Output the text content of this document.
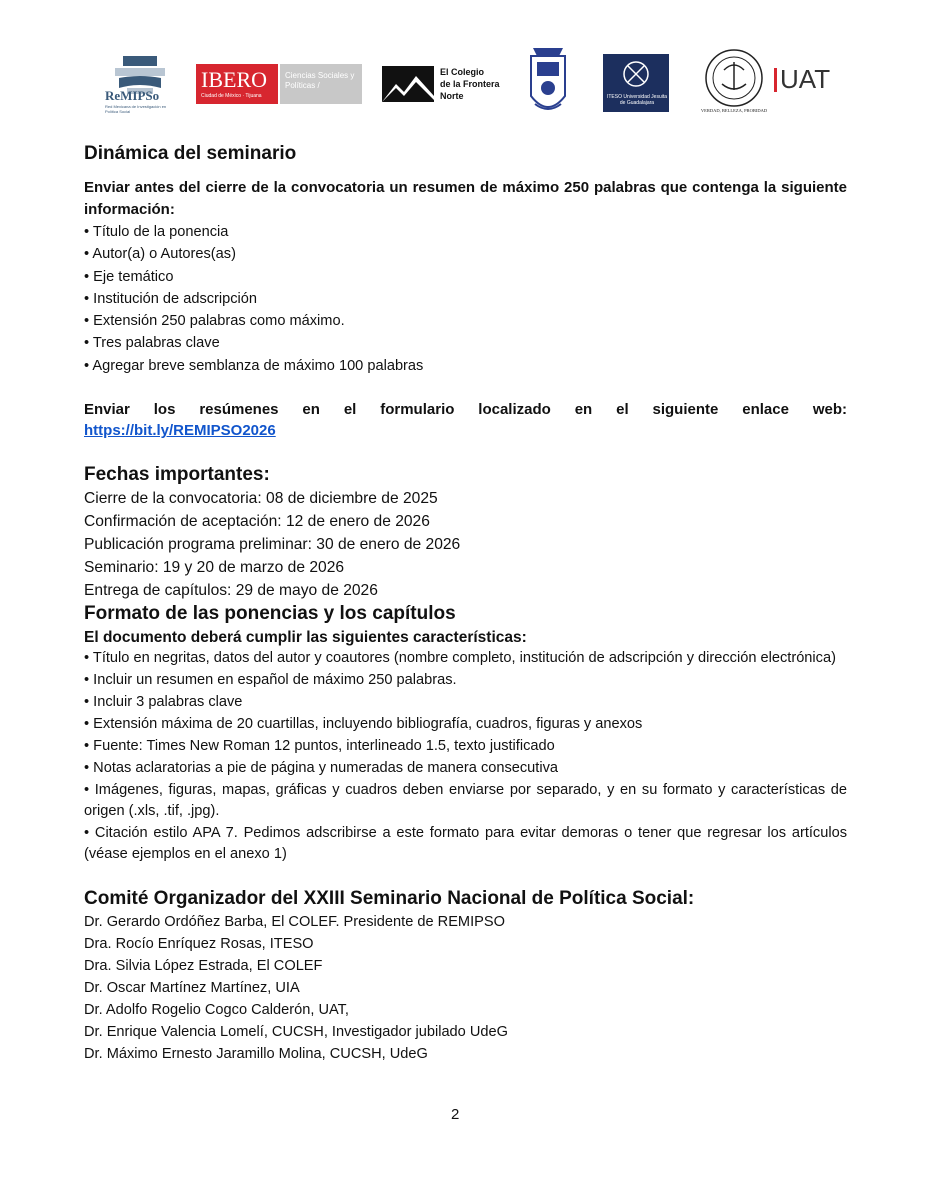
ReMIPSo
Red Mexicana de Investigación en Política Social
IBERO
Ciudad de México · Tijuana
Ciencias Sociales y Políticas /
El Colegio
de la Frontera
Norte	ITESO Universidad Jesuita de Guadalajara
VERDAD, BELLEZA, PROBIDAD
UAT
Dinámica del seminario

Enviar antes del cierre de la convocatoria un resumen de máximo 250 palabras que contenga la siguiente información:

• Título de la ponencia
• Autor(a) o Autores(as)
• Eje temático
• Institución de adscripción
• Extensión 250 palabras como máximo.
• Tres palabras clave
• Agregar breve semblanza de máximo 100 palabras

Enviar los resúmenes en el formulario localizado en el siguiente enlace web:

https://bit.ly/REMIPSO2026

Fechas importantes:
Cierre de la convocatoria: 08 de diciembre de 2025
Confirmación de aceptación: 12 de enero de 2026
Publicación programa preliminar: 30 de enero de 2026
Seminario: 19 y 20 de marzo de 2026
Entrega de capítulos: 29 de mayo de 2026
Formato de las ponencias y los capítulos

El documento deberá cumplir las siguientes características:

• Título en negritas, datos del autor y coautores (nombre completo, institución de adscripción y dirección electrónica)
• Incluir un resumen en español de máximo 250 palabras.
• Incluir 3 palabras clave
• Extensión máxima de 20 cuartillas, incluyendo bibliografía, cuadros, figuras y anexos
• Fuente: Times New Roman 12 puntos, interlineado 1.5, texto justificado
• Notas aclaratorias a pie de página y numeradas de manera consecutiva
• Imágenes, figuras, mapas, gráficas y cuadros deben enviarse por separado, y en su formato y características de origen (.xls, .tif, .jpg).
• Citación estilo APA 7. Pedimos adscribirse a este formato para evitar demoras o tener que regresar los artículos (véase ejemplos en el anexo 1)
Comité Organizador del XXIII Seminario Nacional de Política Social:
Dr. Gerardo Ordóñez Barba, El COLEF. Presidente de REMIPSO
Dra. Rocío Enríquez Rosas, ITESO
Dra. Silvia López Estrada, El COLEF
Dr. Oscar Martínez Martínez, UIA
Dr. Adolfo Rogelio Cogco Calderón, UAT,
Dr. Enrique Valencia Lomelí, CUCSH, Investigador jubilado UdeG
Dr. Máximo Ernesto Jaramillo Molina, CUCSH, UdeG
2
